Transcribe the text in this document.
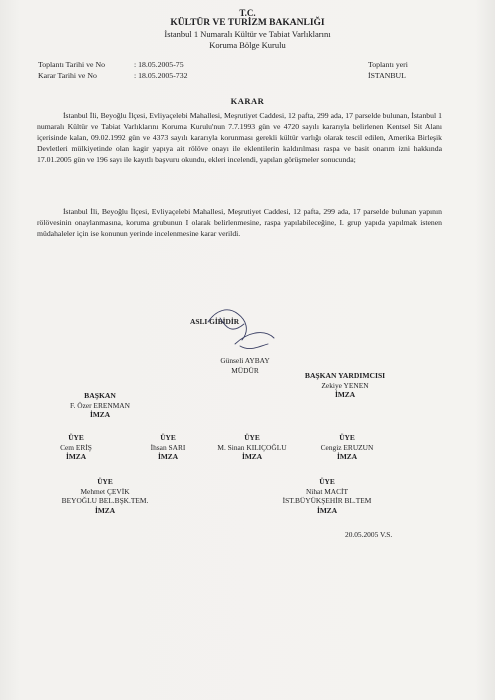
T.C.
KÜLTÜR VE TURİZM BAKANLIĞI
İstanbul 1 Numaralı Kültür ve Tabiat Varlıklarını
Koruma Bölge Kurulu
Toplantı Tarihi ve No	: 18.05.2005-75
Karar Tarihi ve No	: 18.05.2005-732
Toplantı yeri
İSTANBUL
KARAR
İstanbul İli, Beyoğlu İlçesi, Evliyaçelebi Mahallesi, Meşrutiyet Caddesi, 12 pafta, 299 ada, 17 parselde bulunan, İstanbul 1 numaralı Kültür ve Tabiat Varlıklarını Koruma Kurulu'nun 7.7.1993 gün ve 4720 sayılı kararıyla belirlenen Kentsel Sit Alanı içerisinde kalan, 09.02.1992 gün ve 4373 sayılı kararıyla korunması gerekli kültür varlığı olarak tescil edilen, Amerika Birleşik Devletleri mülkiyetinde olan kagir yapıya ait rölöve onayı ile eklentilerin kaldırılması raspa ve basit onarım izni hakkında 17.01.2005 gün ve 196 sayı ile kayıtlı başvuru okundu, ekleri incelendi, yapılan görüşmeler sonucunda;
İstanbul İli, Beyoğlu İlçesi, Evliyaçelebi Mahallesi, Meşrutiyet Caddesi, 12 pafta, 299 ada, 17 parselde bulunan yapının rölövesinin onaylanmasına, koruma grubunun I olarak belirlenmesine, raspa yapılabileceğine, I. grup yapıda yapılmak istenen müdahaleler için ise konunun yerinde incelenmesine karar verildi.
ASLI GİBİDİR
Günseli AYBAY
MÜDÜR
BAŞKAN
F. Özer ERENMAN
İMZA
BAŞKAN YARDIMCISI
Zekiye YENEN
İMZA
ÜYE
Cem ERİŞ
İMZA
ÜYE
İhsan SARI
İMZA
ÜYE
M. Sinan KILIÇOĞLU
İMZA
ÜYE
Cengiz ERUZUN
İMZA
ÜYE
Mehmet ÇEVİK
BEYOĞLU BEL.BŞK.TEM.
İMZA
ÜYE
Nihat MACİT
İST.BÜYÜKŞEHİR BL.TEM
İMZA
20.05.2005 V.S.
